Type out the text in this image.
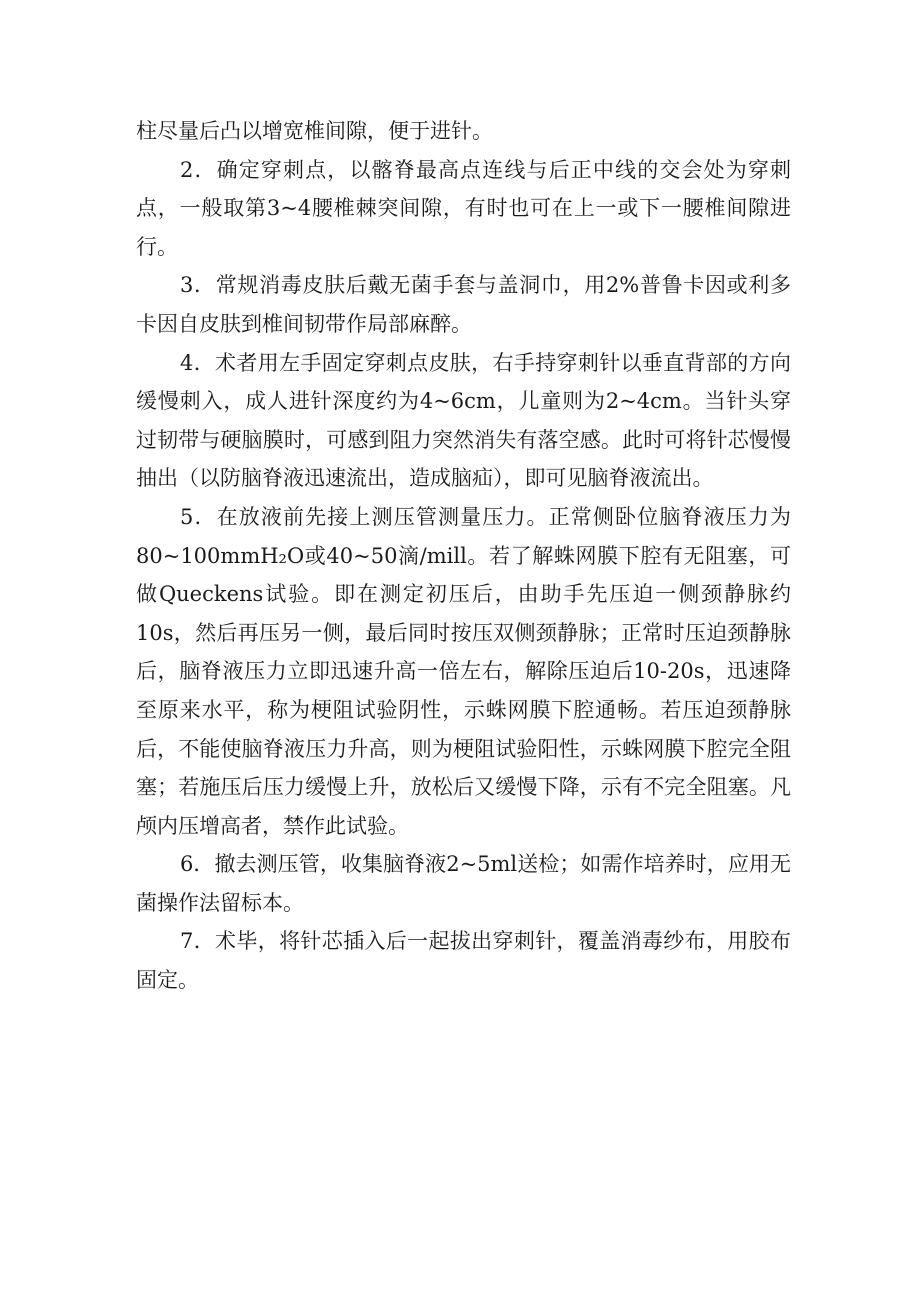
柱尽量后凸以增宽椎间隙，便于进针。

2．确定穿刺点，以髂脊最高点连线与后正中线的交会处为穿刺点，一般取第3~4腰椎棘突间隙，有时也可在上一或下一腰椎间隙进行。

3．常规消毒皮肤后戴无菌手套与盖洞巾，用2%普鲁卡因或利多卡因自皮肤到椎间韧带作局部麻醉。

4．术者用左手固定穿刺点皮肤，右手持穿刺针以垂直背部的方向缓慢刺入，成人进针深度约为4~6cm，儿童则为2~4cm。当针头穿过韧带与硬脑膜时，可感到阻力突然消失有落空感。此时可将针芯慢慢抽出（以防脑脊液迅速流出，造成脑疝），即可见脑脊液流出。

5．在放液前先接上测压管测量压力。正常侧卧位脑脊液压力为80~100mmH₂O或40~50滴/mill。若了解蛛网膜下腔有无阻塞，可做Queckens试验。即在测定初压后，由助手先压迫一侧颈静脉约10s，然后再压另一侧，最后同时按压双侧颈静脉；正常时压迫颈静脉后，脑脊液压力立即迅速升高一倍左右，解除压迫后10-20s，迅速降至原来水平，称为梗阻试验阴性，示蛛网膜下腔通畅。若压迫颈静脉后，不能使脑脊液压力升高，则为梗阻试验阳性，示蛛网膜下腔完全阻塞；若施压后压力缓慢上升，放松后又缓慢下降，示有不完全阻塞。凡颅内压增高者，禁作此试验。

6．撤去测压管，收集脑脊液2~5ml送检；如需作培养时，应用无菌操作法留标本。

7．术毕，将针芯插入后一起拔出穿刺针，覆盖消毒纱布，用胶布固定。
